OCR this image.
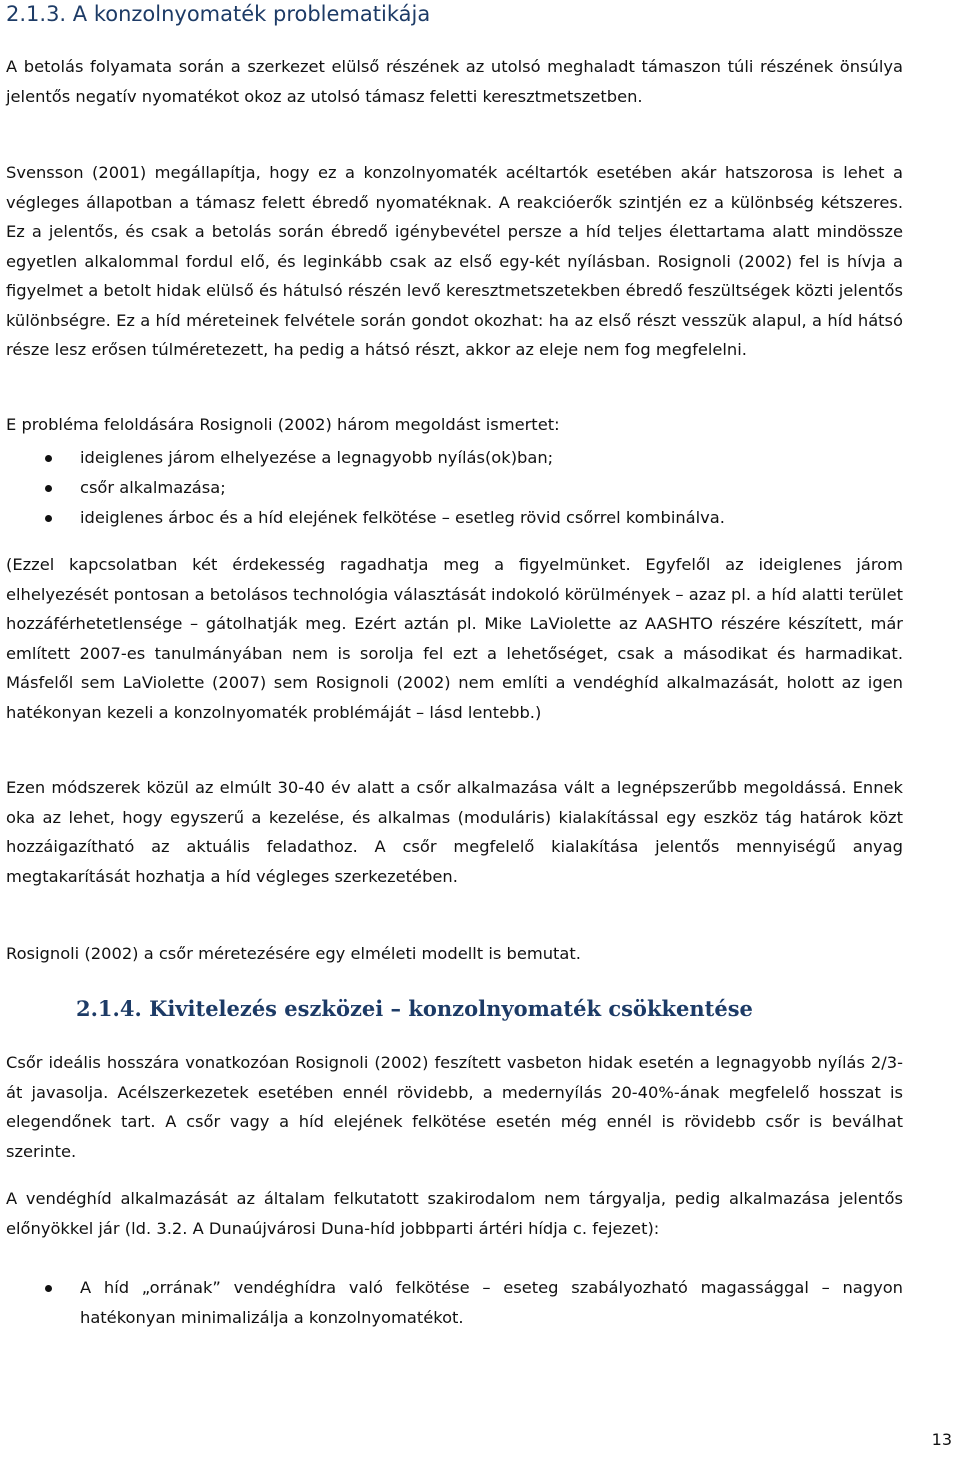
2.1.3. A konzolnyomaték problematikája

A betolás folyamata során a szerkezet elülső részének az utolsó meghaladt támaszon túli részének önsúlya jelentős negatív nyomatékot okoz az utolsó támasz feletti keresztmetszetben.

Svensson (2001) megállapítja, hogy ez a konzolnyomaték acéltartók esetében akár hatszorosa is lehet a végleges állapotban a támasz felett ébredő nyomatéknak. A reakcióerők szintjén ez a különbség kétszeres. Ez a jelentős, és csak a betolás során ébredő igénybevétel persze a híd teljes élettartama alatt mindössze egyetlen alkalommal fordul elő, és leginkább csak az első egy-két nyílásban. Rosignoli (2002) fel is hívja a figyelmet a betolt hidak elülső és hátulsó részén levő keresztmetszetekben ébredő feszültségek közti jelentős különbségre. Ez a híd méreteinek felvétele során gondot okozhat: ha az első részt vesszük alapul, a híd hátsó része lesz erősen túlméretezett, ha pedig a hátsó részt, akkor az eleje nem fog megfelelni.

E probléma feloldására Rosignoli (2002) három megoldást ismertet:

ideiglenes járom elhelyezése a legnagyobb nyílás(ok)ban;
csőr alkalmazása;
ideiglenes árboc és a híd elejének felkötése – esetleg rövid csőrrel kombinálva.

(Ezzel kapcsolatban két érdekesség ragadhatja meg a figyelmünket. Egyfelől az ideiglenes járom elhelyezését pontosan a betolásos technológia választását indokoló körülmények – azaz pl. a híd alatti terület hozzáférhetetlensége – gátolhatják meg. Ezért aztán pl. Mike LaViolette az AASHTO részére készített, már említett 2007-es tanulmányában nem is sorolja fel ezt a lehetőséget, csak a másodikat és harmadikat. Másfelől sem LaViolette (2007) sem Rosignoli (2002) nem említi a vendéghíd alkalmazását, holott az igen hatékonyan kezeli a konzolnyomaték problémáját – lásd lentebb.)

Ezen módszerek közül az elmúlt 30-40 év alatt a csőr alkalmazása vált a legnépszerűbb megoldássá. Ennek oka az lehet, hogy egyszerű a kezelése, és alkalmas (moduláris) kialakítással egy eszköz tág határok közt hozzáigazítható az aktuális feladathoz. A csőr megfelelő kialakítása jelentős mennyiségű anyag megtakarítását hozhatja a híd végleges szerkezetében.

Rosignoli (2002) a csőr méretezésére egy elméleti modellt is bemutat.

2.1.4. Kivitelezés eszközei – konzolnyomaték csökkentése

Csőr ideális hosszára vonatkozóan Rosignoli (2002) feszített vasbeton hidak esetén a legnagyobb nyílás 2/3-át javasolja. Acélszerkezetek esetében ennél rövidebb, a medernyílás 20-40%-ának megfelelő hosszat is elegendőnek tart. A csőr vagy a híd elejének felkötése esetén még ennél is rövidebb csőr is beválhat szerinte.

A vendéghíd alkalmazását az általam felkutatott szakirodalom nem tárgyalja, pedig alkalmazása jelentős előnyökkel jár (ld. 3.2. A Dunaújvárosi Duna-híd jobbparti ártéri hídja c. fejezet):

A híd „orrának” vendéghídra való felkötése – eseteg szabályozható magassággal – nagyon hatékonyan minimalizálja a konzolnyomatékot.
13
